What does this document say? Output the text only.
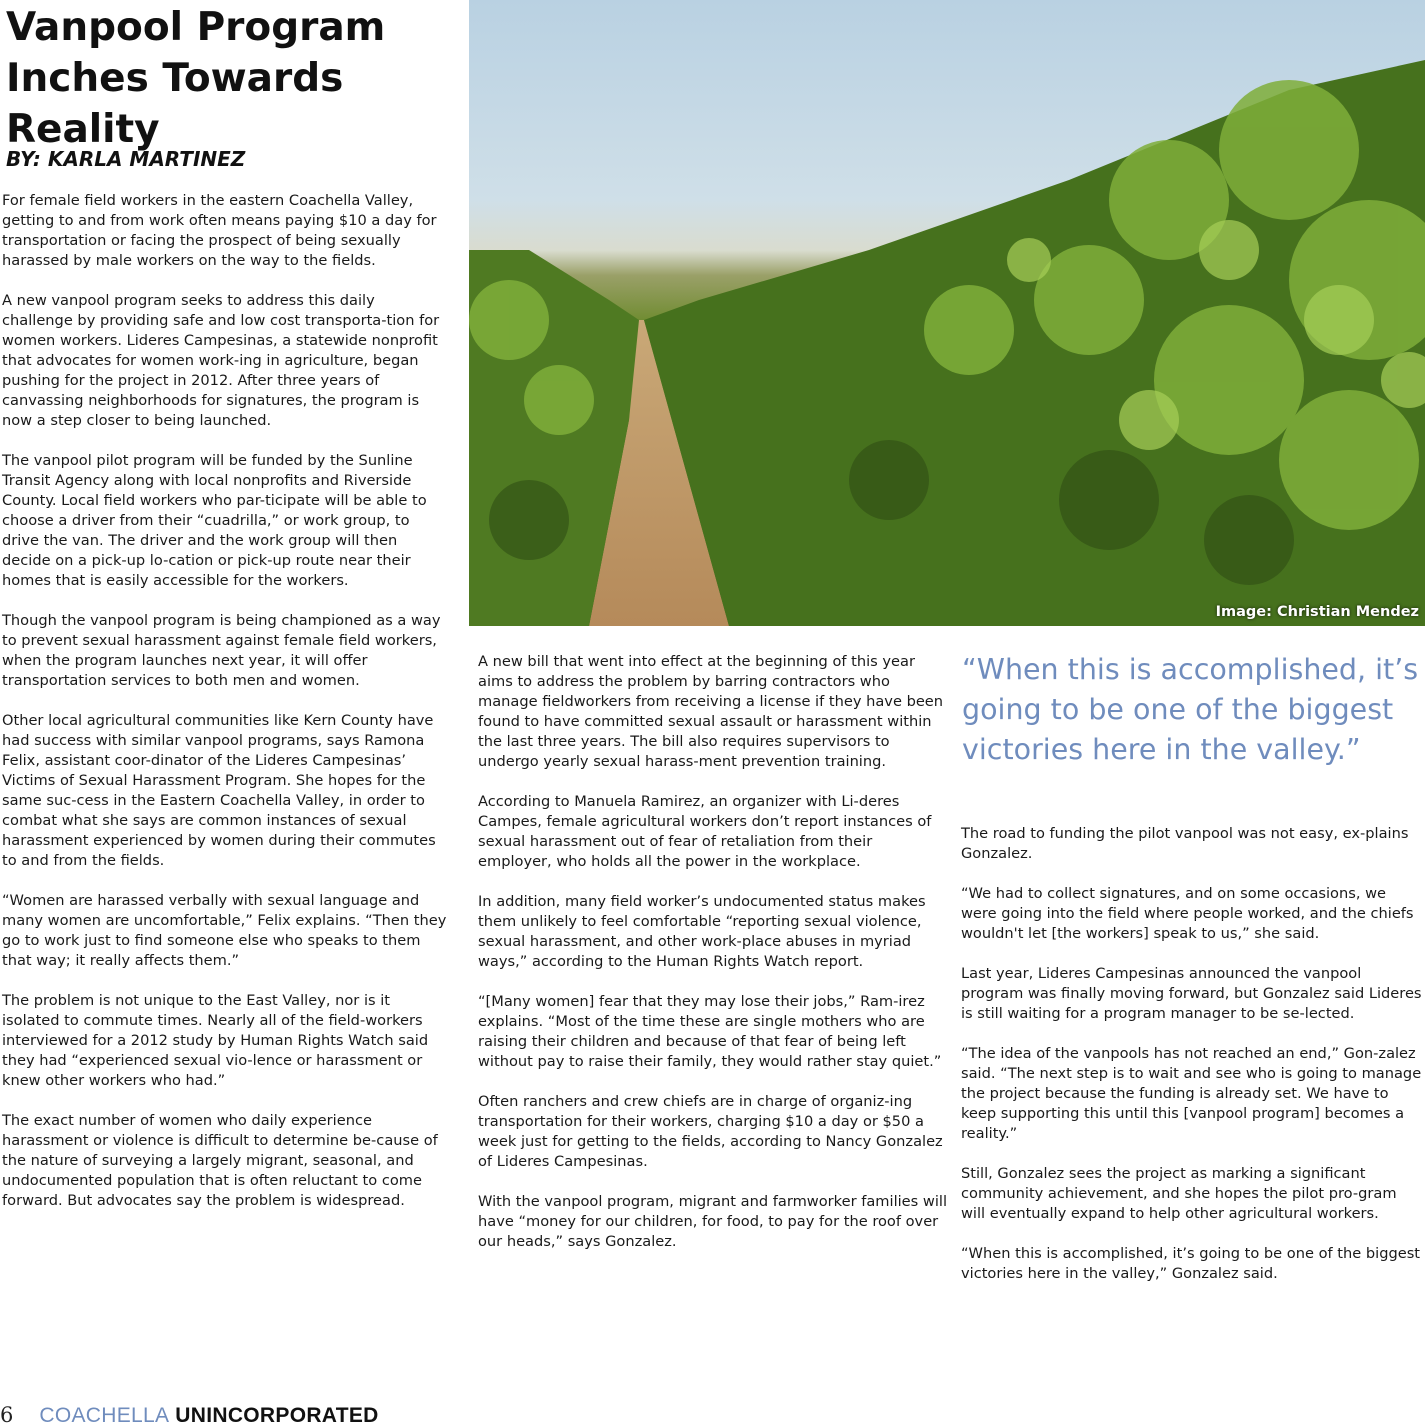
Vanpool Program Inches Towards Reality
BY: KARLA MARTINEZ

For female field workers in the eastern Coachella Valley, getting to and from work often means paying $10 a day for transportation or facing the prospect of being sexually harassed by male workers on the way to the fields.

A new vanpool program seeks to address this daily challenge by providing safe and low cost transporta-tion for women workers. Lideres Campesinas, a statewide nonprofit that advocates for women work-ing in agriculture, began pushing for the project in 2012. After three years of canvassing neighborhoods for signatures, the program is now a step closer to being launched.

The vanpool pilot program will be funded by the Sunline Transit Agency along with local nonprofits and Riverside County. Local field workers who par-ticipate will be able to choose a driver from their “cuadrilla,” or work group, to drive the van. The driver and the work group will then decide on a pick-up lo-cation or pick-up route near their homes that is easily accessible for the workers.

Though the vanpool program is being championed as a way to prevent sexual harassment against female field workers, when the program launches next year, it will offer transportation services to both men and women.

Other local agricultural communities like Kern County have had success with similar vanpool programs, says Ramona Felix, assistant coor-dinator of the Lideres Campesinas’ Victims of Sexual Harassment Program. She hopes for the same suc-cess in the Eastern Coachella Valley, in order to combat what she says are common instances of sexual harassment experienced by women during their commutes to and from the fields.

“Women are harassed verbally with sexual language and many women are uncomfortable,” Felix explains. “Then they go to work just to find someone else who speaks to them that way; it really affects them.”

The problem is not unique to the East Valley, nor is it isolated to commute times. Nearly all of the field-workers interviewed for a 2012 study by Human Rights Watch said they had “experienced sexual vio-lence or harassment or knew other workers who had.”

The exact number of women who daily experience harassment or violence is difficult to determine be-cause of the nature of surveying a largely migrant, seasonal, and undocumented population that is often reluctant to come forward. But advocates say the problem is widespread.

Image: Christian Mendez

A new bill that went into effect at the beginning of this year aims to address the problem by barring contractors who manage fieldworkers from receiving a license if they have been found to have committed sexual assault or harassment within the last three years. The bill also requires supervisors to undergo yearly sexual harass-ment prevention training.

According to Manuela Ramirez, an organizer with Li-deres Campes, female agricultural workers don’t report instances of sexual harassment out of fear of retaliation from their employer, who holds all the power in the workplace.

In addition, many field worker’s undocumented status makes them unlikely to feel comfortable “reporting sexual violence, sexual harassment, and other work-place abuses in myriad ways,” according to the Human Rights Watch report.

“[Many women] fear that they may lose their jobs,” Ram-irez explains. “Most of the time these are single mothers who are raising their children and because of that fear of being left without pay to raise their family, they would rather stay quiet.”

Often ranchers and crew chiefs are in charge of organiz-ing transportation for their workers, charging $10 a day or $50 a week just for getting to the fields, according to Nancy Gonzalez of Lideres Campesinas.

With the vanpool program, migrant and farmworker families will have “money for our children, for food, to pay for the roof over our heads,” says Gonzalez.

“When this is accomplished, it’s going to be one of the biggest victories here in the valley.”

The road to funding the pilot vanpool was not easy, ex-plains Gonzalez.

“We had to collect signatures, and on some occasions, we were going into the field where people worked, and the chiefs wouldn't let [the workers] speak to us,” she said.

Last year, Lideres Campesinas announced the vanpool program was finally moving forward, but Gonzalez said Lideres is still waiting for a program manager to be se-lected.

“The idea of the vanpools has not reached an end,” Gon-zalez said. “The next step is to wait and see who is going to manage the project because the funding is already set. We have to keep supporting this until this [vanpool program] becomes a reality.”

Still, Gonzalez sees the project as marking a significant community achievement, and she hopes the pilot pro-gram will eventually expand to help other agricultural workers.

“When this is accomplished, it’s going to be one of the biggest victories here in the valley,” Gonzalez said.

6 COACHELLA UNINCORPORATED
